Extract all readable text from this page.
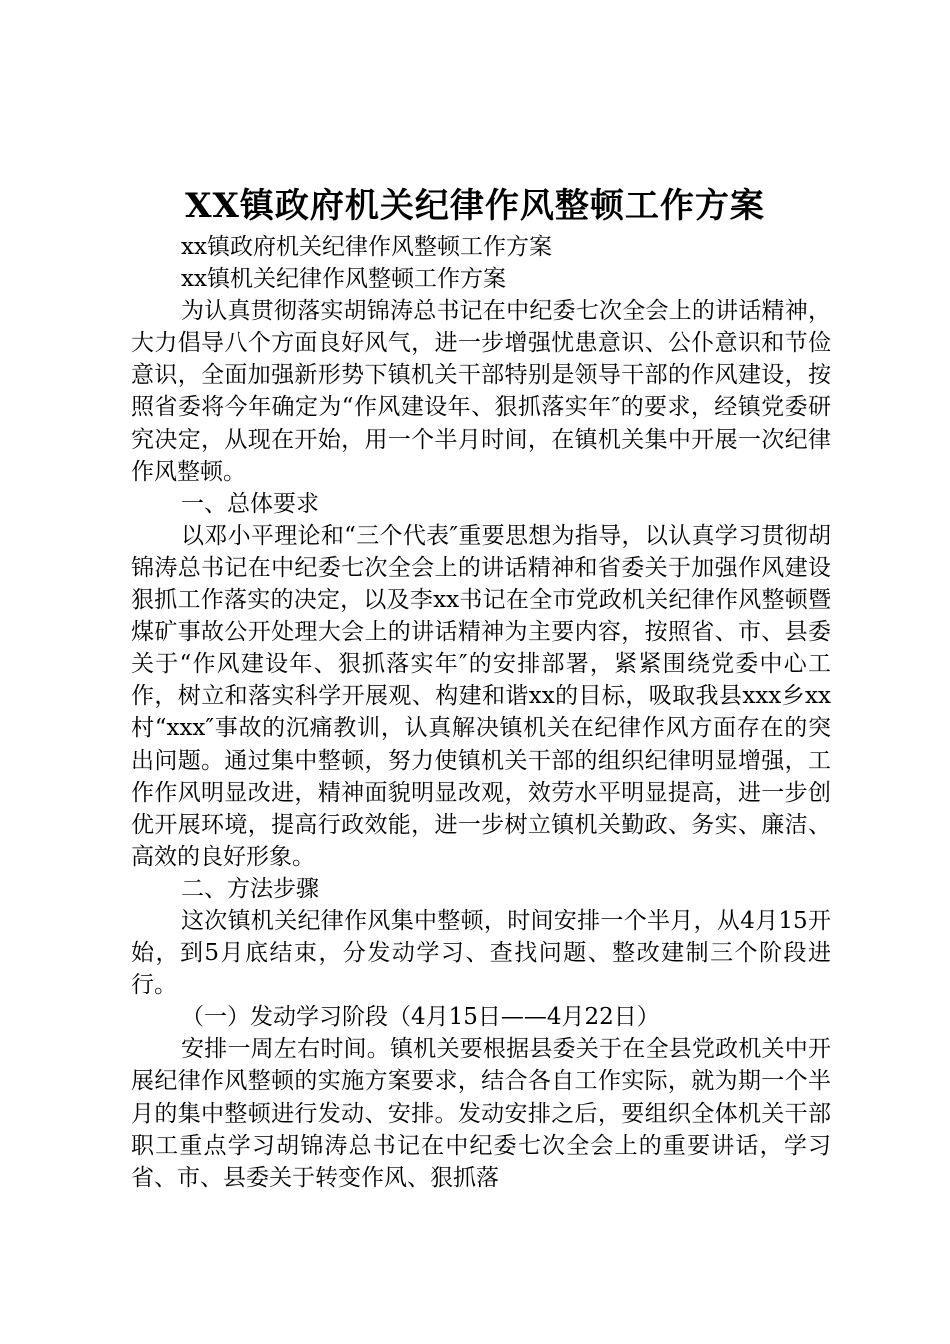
XX镇政府机关纪律作风整顿工作方案

xx镇政府机关纪律作风整顿工作方案

xx镇机关纪律作风整顿工作方案

为认真贯彻落实胡锦涛总书记在中纪委七次全会上的讲话精神，大力倡导八个方面良好风气，进一步增强忧患意识、公仆意识和节俭意识，全面加强新形势下镇机关干部特别是领导干部的作风建设，按照省委将今年确定为“作风建设年、狠抓落实年″的要求，经镇党委研究决定，从现在开始，用一个半月时间，在镇机关集中开展一次纪律作风整顿。

一、总体要求

以邓小平理论和“三个代表″重要思想为指导，以认真学习贯彻胡锦涛总书记在中纪委七次全会上的讲话精神和省委关于加强作风建设狠抓工作落实的决定，以及李xx书记在全市党政机关纪律作风整顿暨煤矿事故公开处理大会上的讲话精神为主要内容，按照省、市、县委关于“作风建设年、狠抓落实年″的安排部署，紧紧围绕党委中心工作，树立和落实科学开展观、构建和谐xx的目标，吸取我县xxx乡xx村“xxx″事故的沉痛教训，认真解决镇机关在纪律作风方面存在的突出问题。通过集中整顿，努力使镇机关干部的组织纪律明显增强，工作作风明显改进，精神面貌明显改观，效劳水平明显提高，进一步创优开展环境，提高行政效能，进一步树立镇机关勤政、务实、廉洁、高效的良好形象。

二、方法步骤

这次镇机关纪律作风集中整顿，时间安排一个半月，从4月15开始，到5月底结束，分发动学习、查找问题、整改建制三个阶段进行。

（一）发动学习阶段（4月15日——4月22日）

安排一周左右时间。镇机关要根据县委关于在全县党政机关中开展纪律作风整顿的实施方案要求，结合各自工作实际，就为期一个半月的集中整顿进行发动、安排。发动安排之后，要组织全体机关干部职工重点学习胡锦涛总书记在中纪委七次全会上的重要讲话，学习省、市、县委关于转变作风、狠抓落
